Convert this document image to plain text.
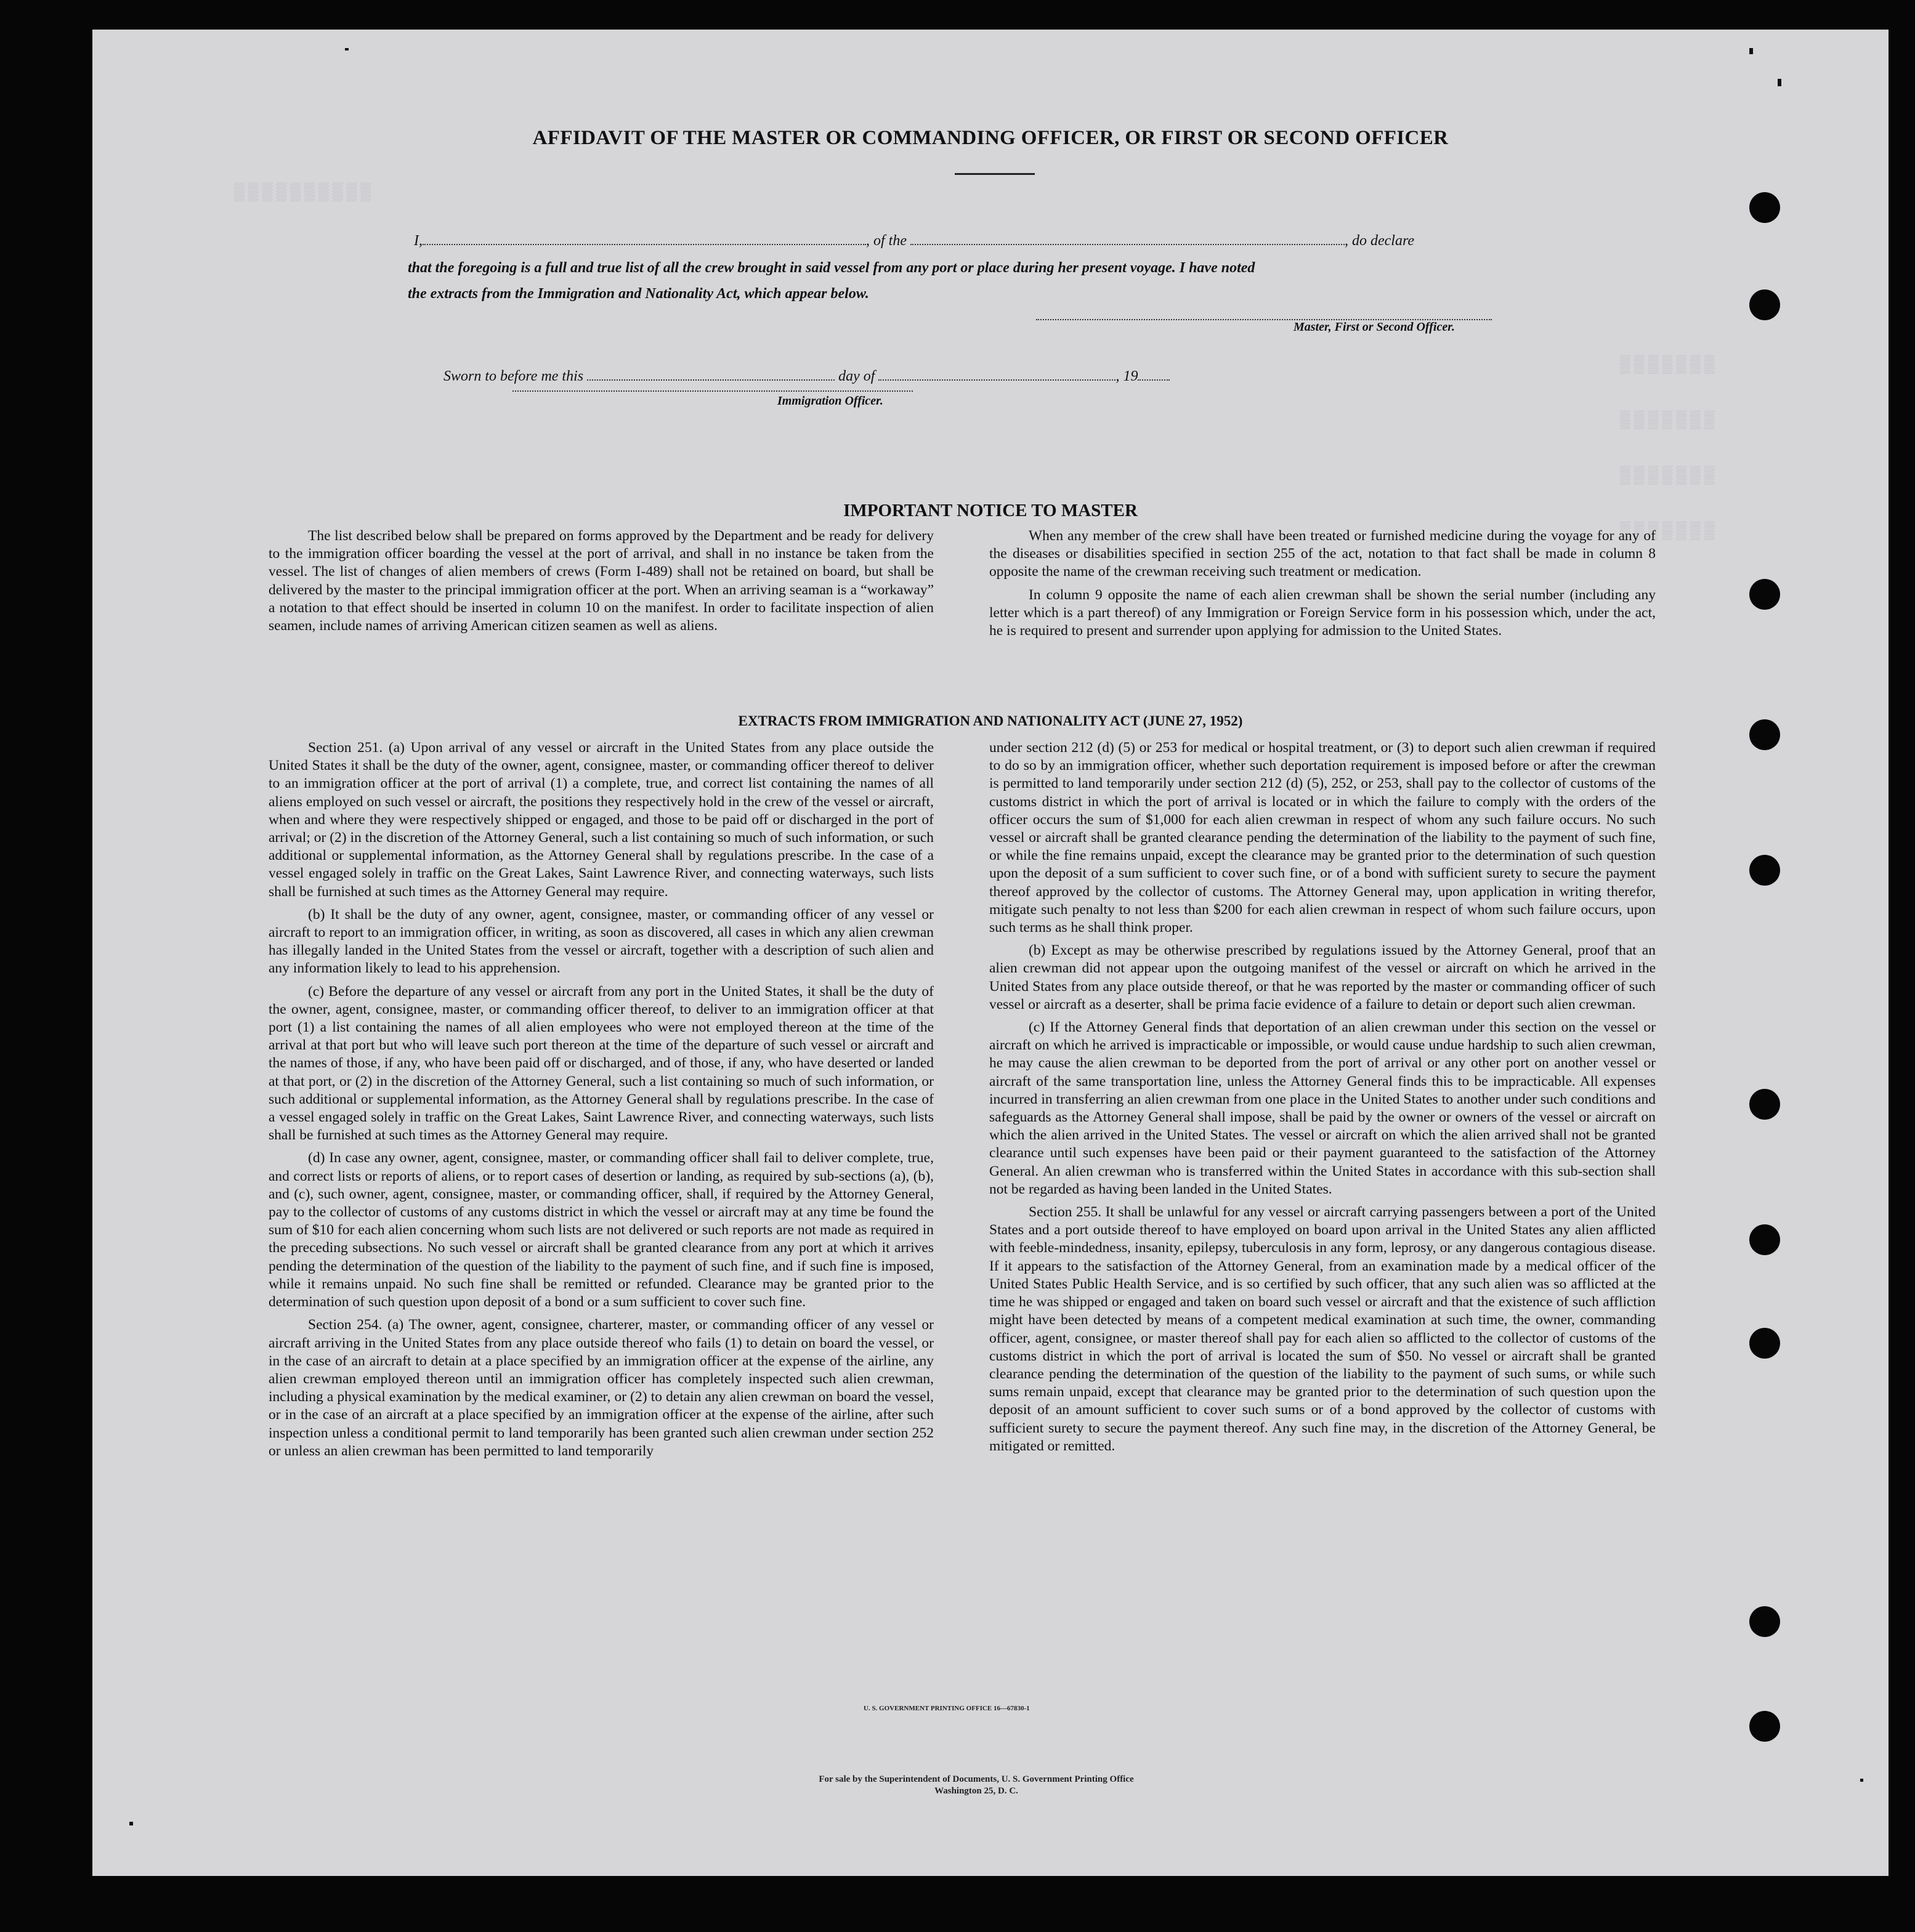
▒▒▒▒▒▒▒▒▒▒
▒▒▒▒▒▒▒
▒▒▒▒▒▒▒
▒▒▒▒▒▒▒
▒▒▒▒▒▒▒
AFFIDAVIT OF THE MASTER OR COMMANDING OFFICER, OR FIRST OR SECOND OFFICER
I,	, of the	, do declare
that the foregoing is a full and true list of all the crew brought in said vessel from any port or place during her present voyage. I have noted
the extracts from the Immigration and Nationality Act, which appear below.
Master, First or Second Officer.
Sworn to before me this	day of	, 19
Immigration Officer.
IMPORTANT NOTICE TO MASTER

The list described below shall be prepared on forms approved by the Department and be ready for delivery to the immigration officer boarding the vessel at the port of arrival, and shall in no instance be taken from the vessel. The list of changes of alien members of crews (Form I-489) shall not be retained on board, but shall be delivered by the master to the principal immigration officer at the port. When an arriving seaman is a “workaway” a notation to that effect should be inserted in column 10 on the manifest. In order to facilitate inspection of alien seamen, include names of arriving American citizen seamen as well as aliens.

When any member of the crew shall have been treated or furnished medicine during the voyage for any of the diseases or disabilities specified in section 255 of the act, notation to that fact shall be made in column 8 opposite the name of the crewman receiving such treatment or medication.

In column 9 opposite the name of each alien crewman shall be shown the serial number (including any letter which is a part thereof) of any Immigration or Foreign Service form in his possession which, under the act, he is required to present and surrender upon applying for admission to the United States.

EXTRACTS FROM IMMIGRATION AND NATIONALITY ACT (JUNE 27, 1952)

Section 251. (a) Upon arrival of any vessel or aircraft in the United States from any place outside the United States it shall be the duty of the owner, agent, consignee, master, or commanding officer thereof to deliver to an immigration officer at the port of arrival (1) a complete, true, and correct list containing the names of all aliens employed on such vessel or aircraft, the positions they respectively hold in the crew of the vessel or aircraft, when and where they were respectively shipped or engaged, and those to be paid off or discharged in the port of arrival; or (2) in the discretion of the Attorney General, such a list containing so much of such information, or such additional or supplemental information, as the Attorney General shall by regulations prescribe. In the case of a vessel engaged solely in traffic on the Great Lakes, Saint Lawrence River, and connecting waterways, such lists shall be furnished at such times as the Attorney General may require.

(b) It shall be the duty of any owner, agent, consignee, master, or commanding officer of any vessel or aircraft to report to an immigration officer, in writing, as soon as discovered, all cases in which any alien crewman has illegally landed in the United States from the vessel or aircraft, together with a description of such alien and any information likely to lead to his apprehension.

(c) Before the departure of any vessel or aircraft from any port in the United States, it shall be the duty of the owner, agent, consignee, master, or commanding officer thereof, to deliver to an immigration officer at that port (1) a list containing the names of all alien employees who were not employed thereon at the time of the arrival at that port but who will leave such port thereon at the time of the departure of such vessel or aircraft and the names of those, if any, who have been paid off or discharged, and of those, if any, who have deserted or landed at that port, or (2) in the discretion of the Attorney General, such a list containing so much of such information, or such additional or supplemental information, as the Attorney General shall by regulations prescribe. In the case of a vessel engaged solely in traffic on the Great Lakes, Saint Lawrence River, and connecting waterways, such lists shall be furnished at such times as the Attorney General may require.

(d) In case any owner, agent, consignee, master, or commanding officer shall fail to deliver complete, true, and correct lists or reports of aliens, or to report cases of desertion or landing, as required by sub-sections (a), (b), and (c), such owner, agent, consignee, master, or commanding officer, shall, if required by the Attorney General, pay to the collector of customs of any customs district in which the vessel or aircraft may at any time be found the sum of $10 for each alien concerning whom such lists are not delivered or such reports are not made as required in the preceding subsections. No such vessel or aircraft shall be granted clearance from any port at which it arrives pending the determination of the question of the liability to the payment of such fine, and if such fine is imposed, while it remains unpaid. No such fine shall be remitted or refunded. Clearance may be granted prior to the determination of such question upon deposit of a bond or a sum sufficient to cover such fine.

Section 254. (a) The owner, agent, consignee, charterer, master, or commanding officer of any vessel or aircraft arriving in the United States from any place outside thereof who fails (1) to detain on board the vessel, or in the case of an aircraft to detain at a place specified by an immigration officer at the expense of the airline, any alien crewman employed thereon until an immigration officer has completely inspected such alien crewman, including a physical examination by the medical examiner, or (2) to detain any alien crewman on board the vessel, or in the case of an aircraft at a place specified by an immigration officer at the expense of the airline, after such inspection unless a conditional permit to land temporarily has been granted such alien crewman under section 252 or unless an alien crewman has been permitted to land temporarily

under section 212 (d) (5) or 253 for medical or hospital treatment, or (3) to deport such alien crewman if required to do so by an immigration officer, whether such deportation requirement is imposed before or after the crewman is permitted to land temporarily under section 212 (d) (5), 252, or 253, shall pay to the collector of customs of the customs district in which the port of arrival is located or in which the failure to comply with the orders of the officer occurs the sum of $1,000 for each alien crewman in respect of whom any such failure occurs. No such vessel or aircraft shall be granted clearance pending the determination of the liability to the payment of such fine, or while the fine remains unpaid, except the clearance may be granted prior to the determination of such question upon the deposit of a sum sufficient to cover such fine, or of a bond with sufficient surety to secure the payment thereof approved by the collector of customs. The Attorney General may, upon application in writing therefor, mitigate such penalty to not less than $200 for each alien crewman in respect of whom such failure occurs, upon such terms as he shall think proper.

(b) Except as may be otherwise prescribed by regulations issued by the Attorney General, proof that an alien crewman did not appear upon the outgoing manifest of the vessel or aircraft on which he arrived in the United States from any place outside thereof, or that he was reported by the master or commanding officer of such vessel or aircraft as a deserter, shall be prima facie evidence of a failure to detain or deport such alien crewman.

(c) If the Attorney General finds that deportation of an alien crewman under this section on the vessel or aircraft on which he arrived is impracticable or impossible, or would cause undue hardship to such alien crewman, he may cause the alien crewman to be deported from the port of arrival or any other port on another vessel or aircraft of the same transportation line, unless the Attorney General finds this to be impracticable. All expenses incurred in transferring an alien crewman from one place in the United States to another under such conditions and safeguards as the Attorney General shall impose, shall be paid by the owner or owners of the vessel or aircraft on which the alien arrived in the United States. The vessel or aircraft on which the alien arrived shall not be granted clearance until such expenses have been paid or their payment guaranteed to the satisfaction of the Attorney General. An alien crewman who is transferred within the United States in accordance with this sub-section shall not be regarded as having been landed in the United States.

Section 255. It shall be unlawful for any vessel or aircraft carrying passengers between a port of the United States and a port outside thereof to have employed on board upon arrival in the United States any alien afflicted with feeble-mindedness, insanity, epilepsy, tuberculosis in any form, leprosy, or any dangerous contagious disease. If it appears to the satisfaction of the Attorney General, from an examination made by a medical officer of the United States Public Health Service, and is so certified by such officer, that any such alien was so afflicted at the time he was shipped or engaged and taken on board such vessel or aircraft and that the existence of such affliction might have been detected by means of a competent medical examination at such time, the owner, commanding officer, agent, consignee, or master thereof shall pay for each alien so afflicted to the collector of customs of the customs district in which the port of arrival is located the sum of $50. No vessel or aircraft shall be granted clearance pending the determination of the question of the liability to the payment of such sums, or while such sums remain unpaid, except that clearance may be granted prior to the determination of such question upon the deposit of an amount sufficient to cover such sums or of a bond approved by the collector of customs with sufficient surety to secure the payment thereof. Any such fine may, in the discretion of the Attorney General, be mitigated or remitted.

U. S. GOVERNMENT PRINTING OFFICE 16—67830-1
For sale by the Superintendent of Documents, U. S. Government Printing Office
Washington 25, D. C.
